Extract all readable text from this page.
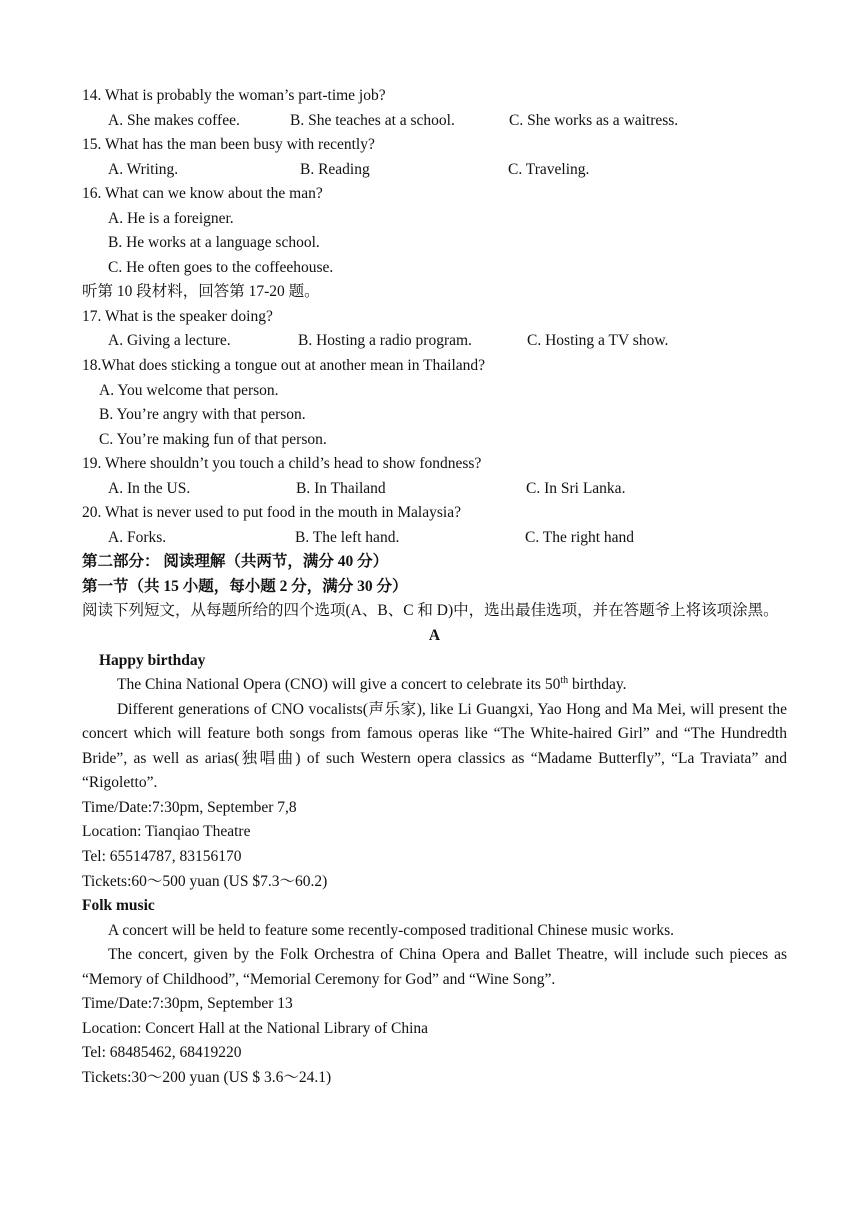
14. What is probably the woman’s part-time job?
A. She makes coffee.	B. She teaches at a school.	C. She works as a waitress.
15. What has the man been busy with recently?
A. Writing.	B. Reading	C. Traveling.
16. What can we know about the man?
A. He is a foreigner.
B. He works at a language school.
C. He often goes to the coffeehouse.
听第 10 段材料，回答第 17-20 题。
17. What is the speaker doing?
A. Giving a lecture.	B. Hosting a radio program.	C. Hosting a TV show.
18.What does sticking a tongue out at another mean in Thailand?
A. You welcome that person.
B. You’re angry with that person.
C. You’re making fun of that person.
19. Where shouldn’t you touch a child’s head to show fondness?
A. In the US.	B. In Thailand	C. In Sri Lanka.
20. What is never used to put food in the mouth in Malaysia?
A. Forks.	B. The left hand.	C. The right hand
第二部分： 阅读理解（共两节，满分 40 分）
第一节（共 15 小题，每小题 2 分，满分 30 分）
阅读下列短文，从每题所给的四个选项(A、B、C 和 D)中，选出最佳选项，并在答题爷上将该项涂黑。
A
Happy birthday
The China National Opera (CNO) will give a concert to celebrate its 50th birthday.
Different generations of CNO vocalists(声乐家), like Li Guangxi, Yao Hong and Ma Mei, will present the concert which will feature both songs from famous operas like “The White-haired Girl” and “The Hundredth Bride”, as well as arias(独唱曲) of such Western opera classics as “Madame Butterfly”, “La Traviata” and “Rigoletto”.
Time/Date:7:30pm, September 7,8
Location: Tianqiao Theatre
Tel: 65514787, 83156170
Tickets:60～500 yuan (US $7.3～60.2)
Folk music
A concert will be held to feature some recently-composed traditional Chinese music works.
The concert, given by the Folk Orchestra of China Opera and Ballet Theatre, will include such pieces as “Memory of Childhood”, “Memorial Ceremony for God” and “Wine Song”.
Time/Date:7:30pm, September 13
Location: Concert Hall at the National Library of China
Tel: 68485462, 68419220
Tickets:30～200 yuan (US $ 3.6～24.1)
